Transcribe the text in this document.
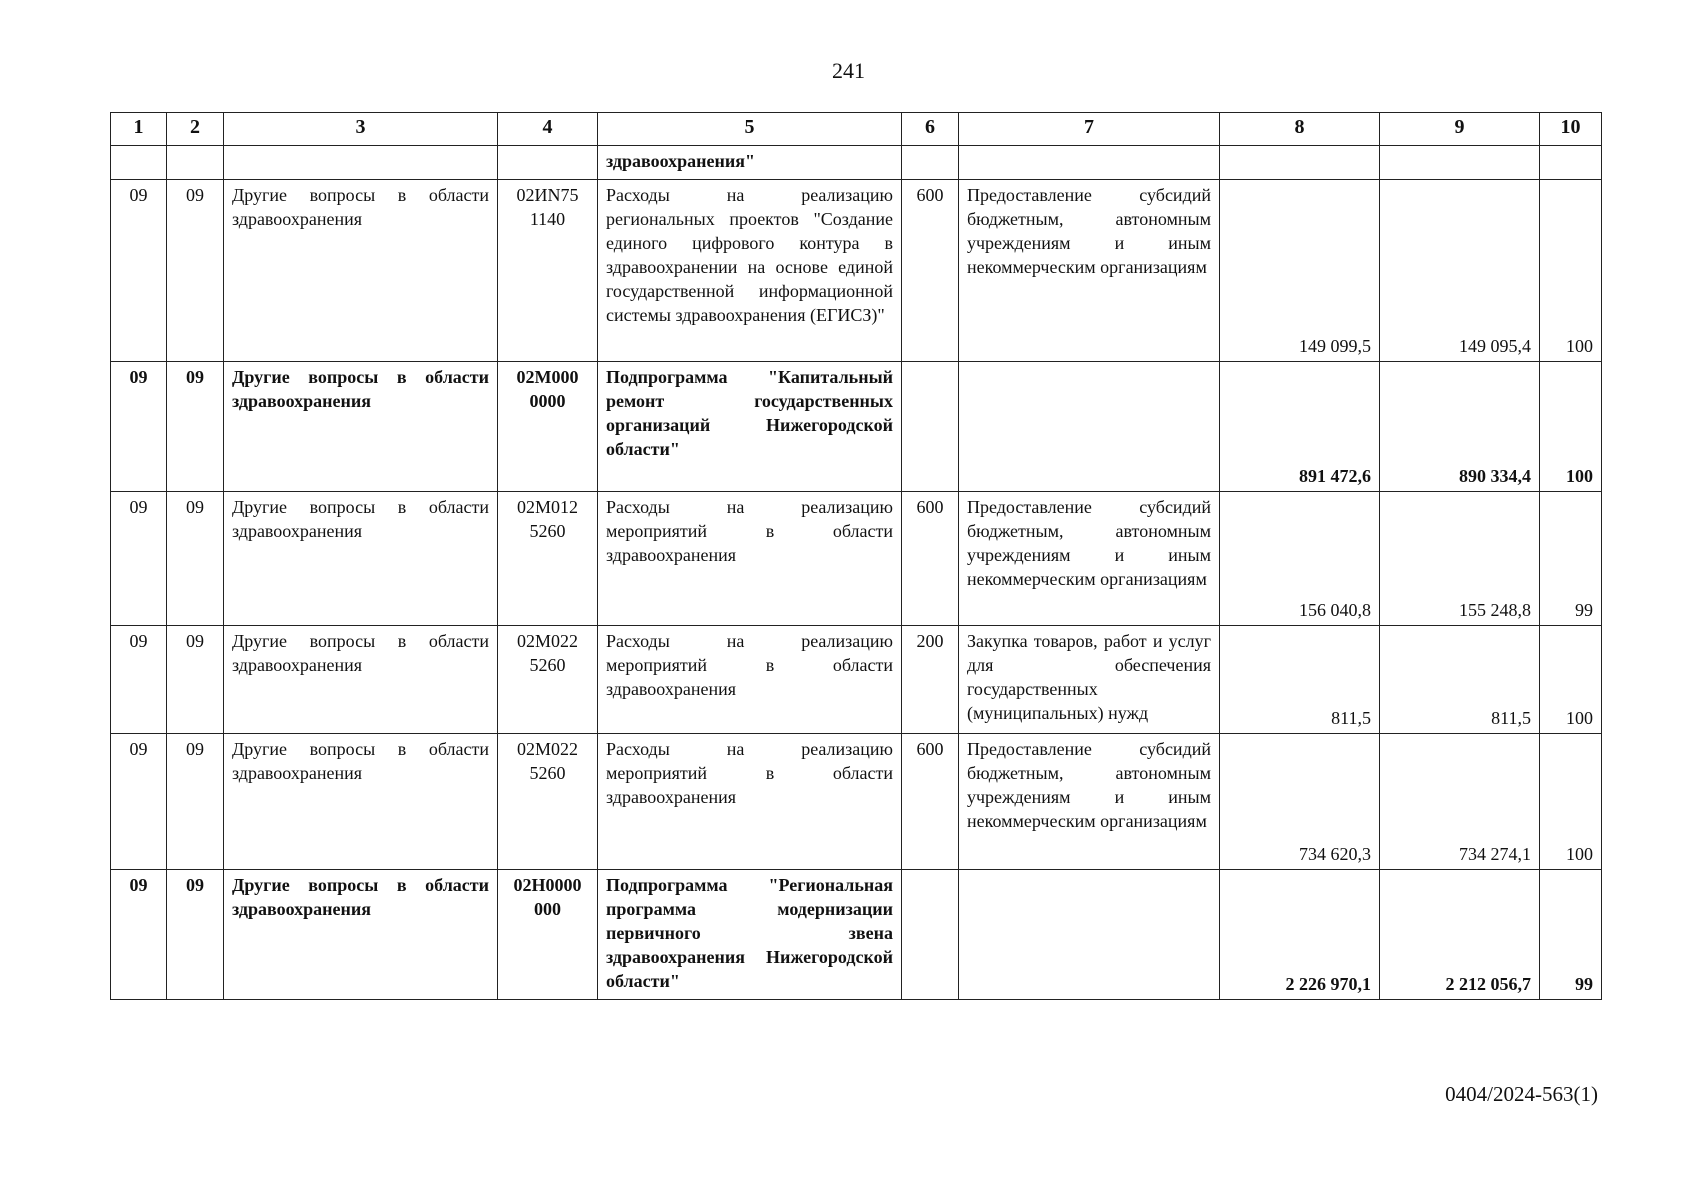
241
1	2	3	4	5	6	7	8	9	10
				здравоохранения"					
09	09	Другие вопросы в области здравоохранения	02ИN75 1140	Расходы на реализацию региональных проектов "Создание единого цифрового контура в здравоохранении на основе единой государственной информационной системы здравоохранения (ЕГИСЗ)"	600	Предоставление субсидий бюджетным, автономным учреждениям и иным некоммерческим организациям	149 099,5	149 095,4	100
09	09	Другие вопросы в области здравоохранения	02М000 0000	Подпрограмма "Капитальный ремонт государственных организаций Нижегородской области"			891 472,6	890 334,4	100
09	09	Другие вопросы в области здравоохранения	02М012 5260	Расходы на реализацию мероприятий в области здравоохранения	600	Предоставление субсидий бюджетным, автономным учреждениям и иным некоммерческим организациям	156 040,8	155 248,8	99
09	09	Другие вопросы в области здравоохранения	02М022 5260	Расходы на реализацию мероприятий в области здравоохранения	200	Закупка товаров, работ и услуг для обеспечения государственных (муниципальных) нужд	811,5	811,5	100
09	09	Другие вопросы в области здравоохранения	02М022 5260	Расходы на реализацию мероприятий в области здравоохранения	600	Предоставление субсидий бюджетным, автономным учреждениям и иным некоммерческим организациям	734 620,3	734 274,1	100
09	09	Другие вопросы в области здравоохранения	02Н0000 000	Подпрограмма "Региональная программа модернизации первичного звена здравоохранения Нижегородской области"			2 226 970,1	2 212 056,7	99
0404/2024-563(1)
